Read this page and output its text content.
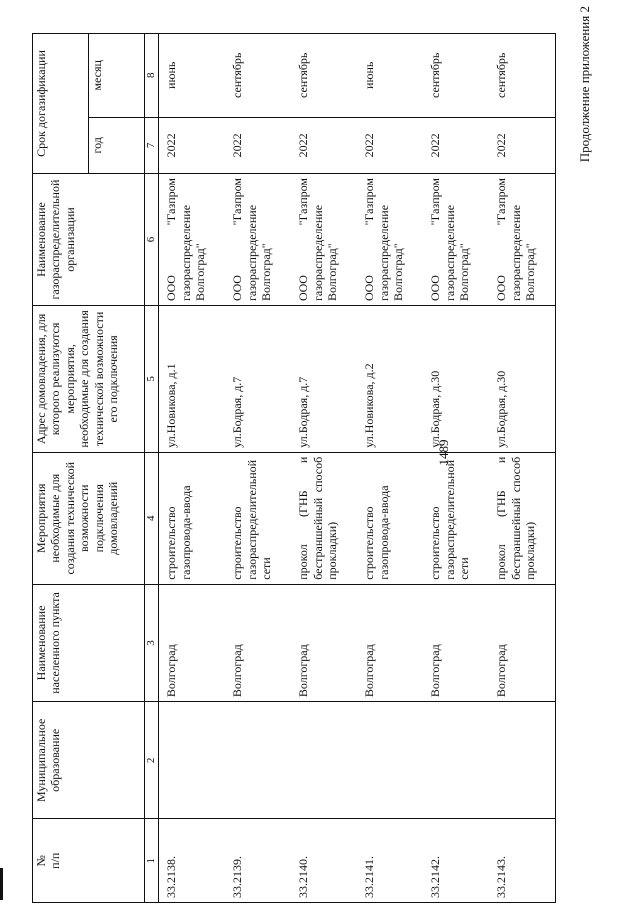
1489
Продолжение приложения 2
№
п/п	Муниципальное образование	Наименование населенного пункта	Мероприятия необходимые для создания технической возможности подключения домовладений	Адрес домовладения, для которого реализуются мероприятия, необходимые для создания технической возможности его подключения	Наименование газораспределительной организации	Срок догазификации	
						год	месяц
1	2	3	4	5	6	7	8
33.2138.		Волгоград	строительство газопровода-ввода	ул.Новикова, д.1	ООО "Газпром газораспределение Волгоград"	2022	июнь
33.2139.		Волгоград	строительство газораспределительной сети	ул.Бодрая, д.7	ООО "Газпром газораспределение Волгоград"	2022	сентябрь
33.2140.		Волгоград	прокол (ГНБ и бестраншейный способ прокладки)	ул.Бодрая, д.7	ООО "Газпром газораспределение Волгоград"	2022	сентябрь
33.2141.		Волгоград	строительство газопровода-ввода	ул.Новикова, д.2	ООО "Газпром газораспределение Волгоград"	2022	июнь
33.2142.		Волгоград	строительство газораспределительной сети	ул.Бодрая, д.30	ООО "Газпром газораспределение Волгоград"	2022	сентябрь
33.2143.		Волгоград	прокол (ГНБ и бестраншейный способ прокладки)	ул.Бодрая, д.30	ООО "Газпром газораспределение Волгоград"	2022	сентябрь
